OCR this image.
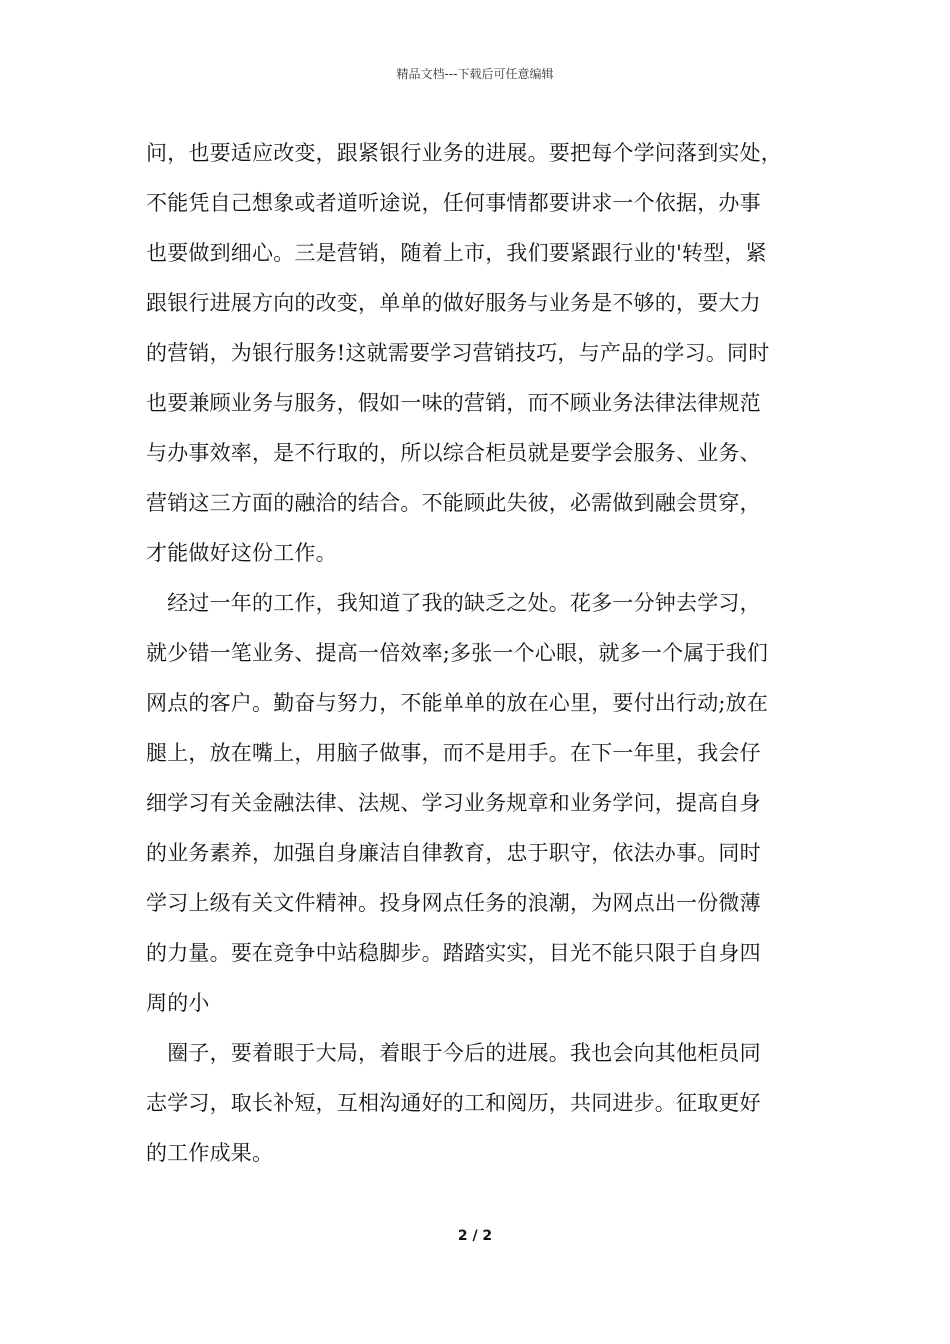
精品文档---下载后可任意编辑
问，也要适应改变，跟紧银行业务的进展。要把每个学问落到实处，
不能凭自己想象或者道听途说，任何事情都要讲求一个依据，办事
也要做到细心。三是营销，随着上市，我们要紧跟行业的'转型，紧
跟银行进展方向的改变，单单的做好服务与业务是不够的，要大力
的营销，为银行服务!这就需要学习营销技巧，与产品的学习。同时
也要兼顾业务与服务，假如一味的营销，而不顾业务法律法律规范
与办事效率，是不行取的，所以综合柜员就是要学会服务、业务、
营销这三方面的融洽的结合。不能顾此失彼，必需做到融会贯穿，
才能做好这份工作。
　经过一年的工作，我知道了我的缺乏之处。花多一分钟去学习，
就少错一笔业务、提高一倍效率;多张一个心眼，就多一个属于我们
网点的客户。勤奋与努力，不能单单的放在心里，要付出行动;放在
腿上，放在嘴上，用脑子做事，而不是用手。在下一年里，我会仔
细学习有关金融法律、法规、学习业务规章和业务学问，提高自身
的业务素养，加强自身廉洁自律教育，忠于职守，依法办事。同时
学习上级有关文件精神。投身网点任务的浪潮，为网点出一份微薄
的力量。要在竞争中站稳脚步。踏踏实实，目光不能只限于自身四
周的小
　圈子，要着眼于大局，着眼于今后的进展。我也会向其他柜员同
志学习，取长补短，互相沟通好的工和阅历，共同进步。征取更好
的工作成果。
2 / 2
